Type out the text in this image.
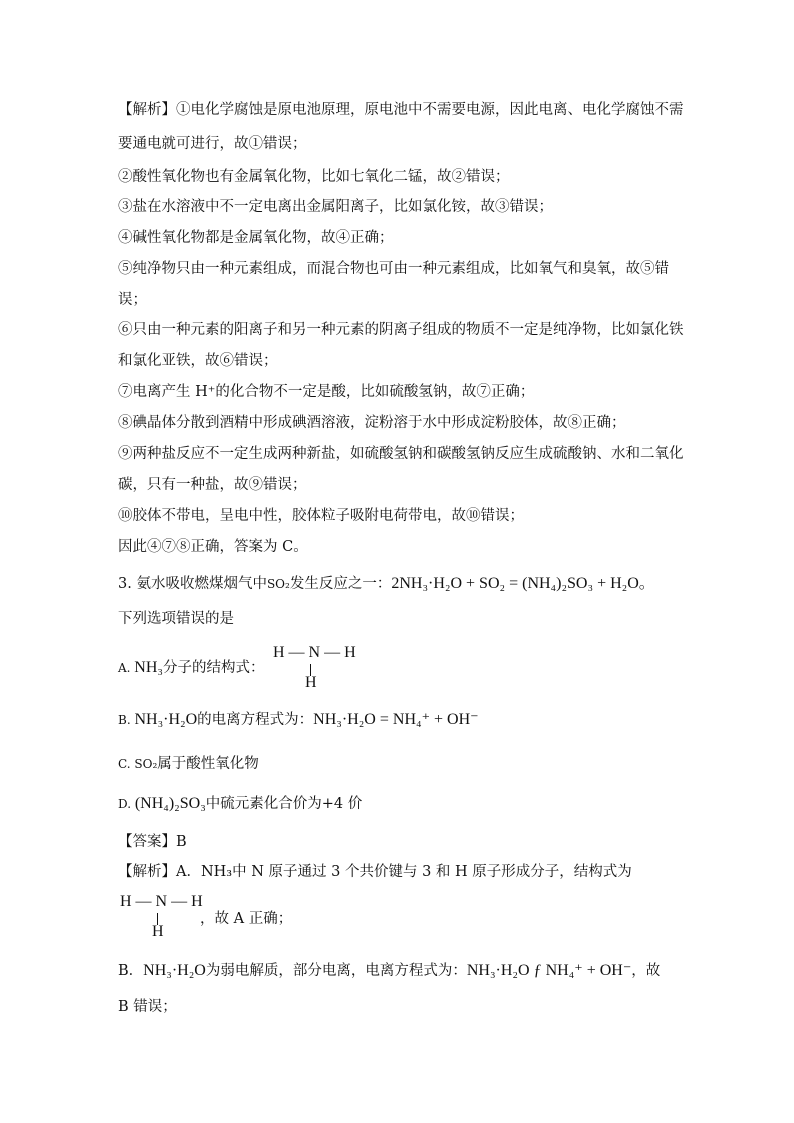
【解析】①电化学腐蚀是原电池原理，原电池中不需要电源，因此电离、电化学腐蚀不需
要通电就可进行，故①错误；
②酸性氧化物也有金属氧化物，比如七氧化二锰，故②错误；
③盐在水溶液中不一定电离出金属阳离子，比如氯化铵，故③错误；
④碱性氧化物都是金属氧化物，故④正确；
⑤纯净物只由一种元素组成，而混合物也可由一种元素组成，比如氧气和臭氧，故⑤错
误；
⑥只由一种元素的阳离子和另一种元素的阴离子组成的物质不一定是纯净物，比如氯化铁
和氯化亚铁，故⑥错误；
⑦电离产生 H⁺的化合物不一定是酸，比如硫酸氢钠，故⑦正确；
⑧碘晶体分散到酒精中形成碘酒溶液，淀粉溶于水中形成淀粉胶体，故⑧正确；
⑨两种盐反应不一定生成两种新盐，如硫酸氢钠和碳酸氢钠反应生成硫酸钠、水和二氧化
碳，只有一种盐，故⑨错误；
⑩胶体不带电，呈电中性，胶体粒子吸附电荷带电，故⑩错误；
因此④⑦⑧正确，答案为 C。
3. 氨水吸收燃煤烟气中SO₂发生反应之一：2NH₃·H₂O + SO₂ = (NH₄)₂SO₃ + H₂O。
下列选项错误的是
A. NH₃分子的结构式：
H — N — H
H
B. NH₃·H₂O的电离方程式为：NH₃·H₂O = NH₄⁺ + OH⁻
C. SO₂属于酸性氧化物
D. (NH₄)₂SO₃中硫元素化合价为+4 价
【答案】B
【解析】A．NH₃中 N 原子通过 3 个共价键与 3 和 H 原子形成分子，结构式为
H — N — H
H
，故 A 正确；
B．NH₃·H₂O为弱电解质，部分电离，电离方程式为：NH₃·H₂O ƒ NH₄⁺ + OH⁻，故
B 错误；
